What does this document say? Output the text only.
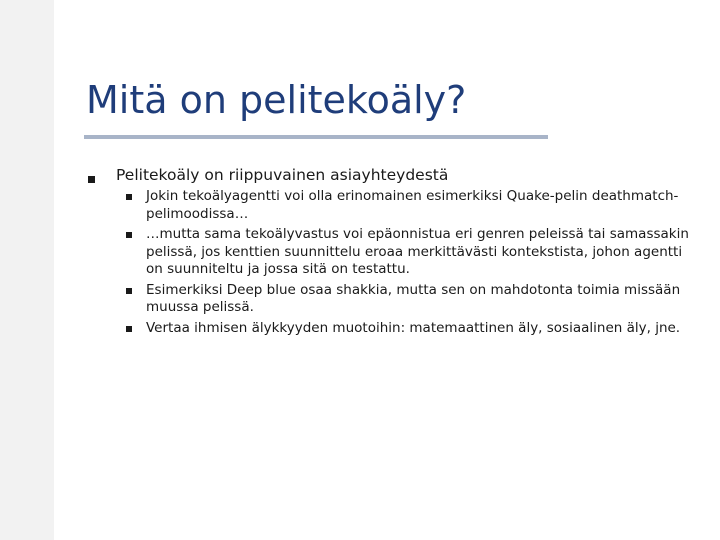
Mitä on pelitekoäly?
Pelitekoäly on riippuvainen asiayhteydestä
Jokin tekoälyagentti voi olla erinomainen esimerkiksi Quake-pelin deathmatch-pelimoodissa…
…mutta sama tekoälyvastus voi epäonnistua eri genren peleissä tai samassakin pelissä, jos kenttien suunnittelu eroaa merkittävästi kontekstista, johon agentti on suunniteltu ja jossa sitä on testattu.
Esimerkiksi Deep blue osaa shakkia, mutta sen on mahdotonta toimia missään muussa pelissä.
Vertaa ihmisen älykkyyden muotoihin: matemaattinen äly, sosiaalinen äly, jne.
